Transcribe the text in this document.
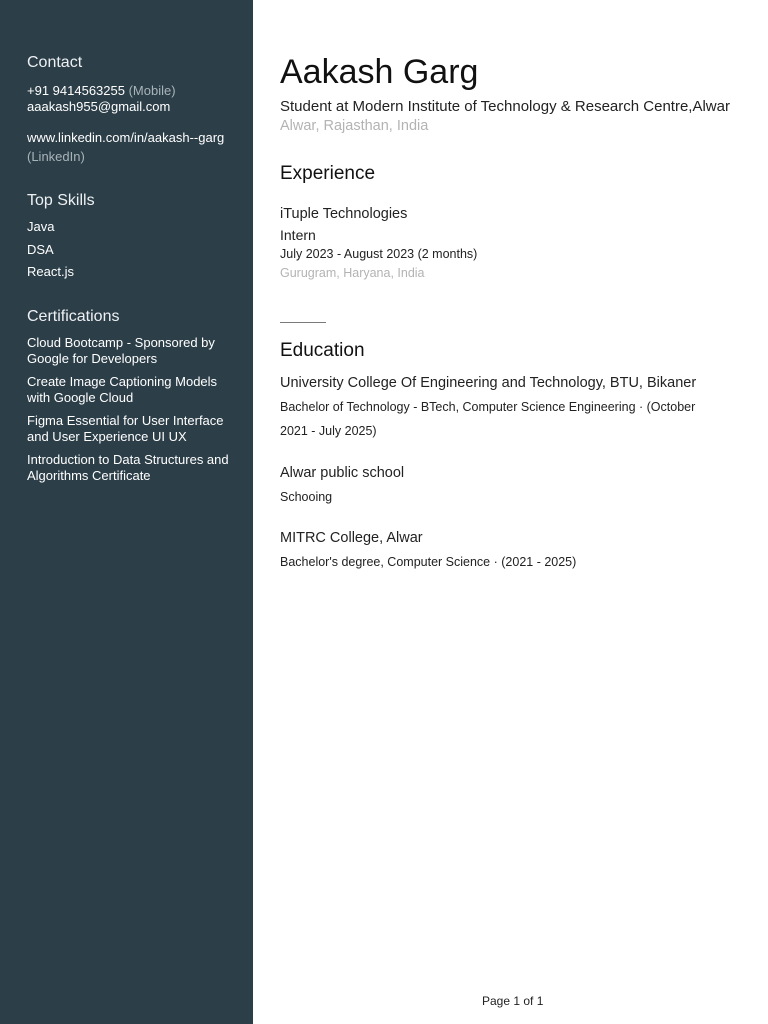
Contact
+91 9414563255 (Mobile)
aaakash955@gmail.com
www.linkedin.com/in/aakash--garg
(LinkedIn)
Top Skills
Java
DSA
React.js
Certifications
Cloud Bootcamp - Sponsored by
Google for Developers
Create Image Captioning Models
with Google Cloud
Figma Essential for User Interface
and User Experience UI UX
Introduction to Data Structures and
Algorithms Certificate
Aakash Garg
Student at Modern Institute of Technology & Research Centre,Alwar
Alwar, Rajasthan, India
Experience
iTuple Technologies
Intern
July 2023 - August 2023 (2 months)
Gurugram, Haryana, India
Education
University College Of Engineering and Technology, BTU, Bikaner
Bachelor of Technology - BTech, Computer Science Engineering · (October
2021 - July 2025)
Alwar public school
Schooing
MITRC College, Alwar
Bachelor's degree, Computer Science · (2021 - 2025)
Page 1 of 1
